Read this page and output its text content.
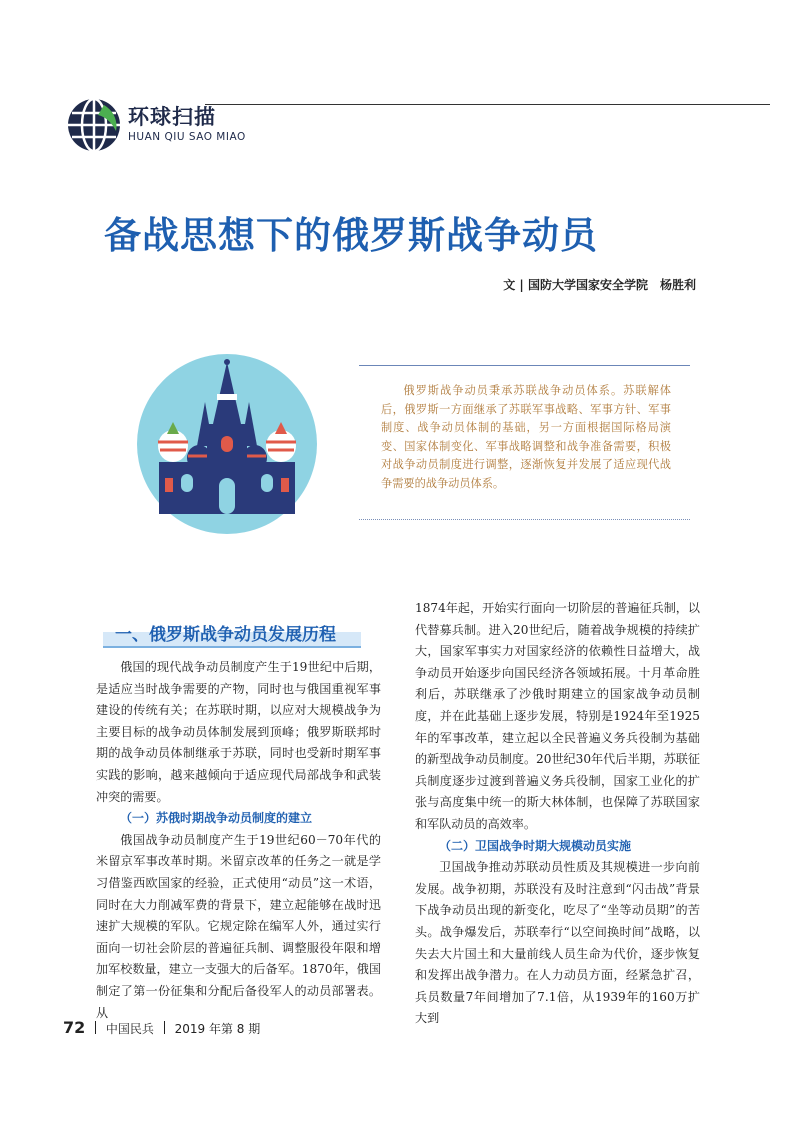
环球扫描
HUAN QIU SAO MIAO
备战思想下的俄罗斯战争动员
文 | 国防大学国家安全学院　杨胜利
俄罗斯战争动员秉承苏联战争动员体系。苏联解体后，俄罗斯一方面继承了苏联军事战略、军事方针、军事制度、战争动员体制的基础，另一方面根据国际格局演变、国家体制变化、军事战略调整和战争准备需要，积极对战争动员制度进行调整，逐渐恢复并发展了适应现代战争需要的战争动员体系。
一、俄罗斯战争动员发展历程

俄国的现代战争动员制度产生于19世纪中后期，是适应当时战争需要的产物，同时也与俄国重视军事建设的传统有关；在苏联时期，以应对大规模战争为主要目标的战争动员体制发展到顶峰；俄罗斯联邦时期的战争动员体制继承于苏联，同时也受新时期军事实践的影响，越来越倾向于适应现代局部战争和武装冲突的需要。

（一）苏俄时期战争动员制度的建立

俄国战争动员制度产生于19世纪60－70年代的米留京军事改革时期。米留京改革的任务之一就是学习借鉴西欧国家的经验，正式使用“动员”这一术语，同时在大力削减军费的背景下，建立起能够在战时迅速扩大规模的军队。它规定除在编军人外，通过实行面向一切社会阶层的普遍征兵制、调整服役年限和增加军校数量，建立一支强大的后备军。1870年，俄国制定了第一份征集和分配后备役军人的动员部署表。从

1874年起，开始实行面向一切阶层的普遍征兵制，以代替募兵制。进入20世纪后，随着战争规模的持续扩大，国家军事实力对国家经济的依赖性日益增大，战争动员开始逐步向国民经济各领域拓展。十月革命胜利后，苏联继承了沙俄时期建立的国家战争动员制度，并在此基础上逐步发展，特别是1924年至1925年的军事改革，建立起以全民普遍义务兵役制为基础的新型战争动员制度。20世纪30年代后半期，苏联征兵制度逐步过渡到普遍义务兵役制，国家工业化的扩张与高度集中统一的斯大林体制，也保障了苏联国家和军队动员的高效率。

（二）卫国战争时期大规模动员实施

卫国战争推动苏联动员性质及其规模进一步向前发展。战争初期，苏联没有及时注意到“闪击战”背景下战争动员出现的新变化，吃尽了“坐等动员期”的苦头。战争爆发后，苏联奉行“以空间换时间”战略，以失去大片国土和大量前线人员生命为代价，逐步恢复和发挥出战争潜力。在人力动员方面，经紧急扩召，兵员数量7年间增加了7.1倍，从1939年的160万扩大到

72 中国民兵 2019 年第 8 期
